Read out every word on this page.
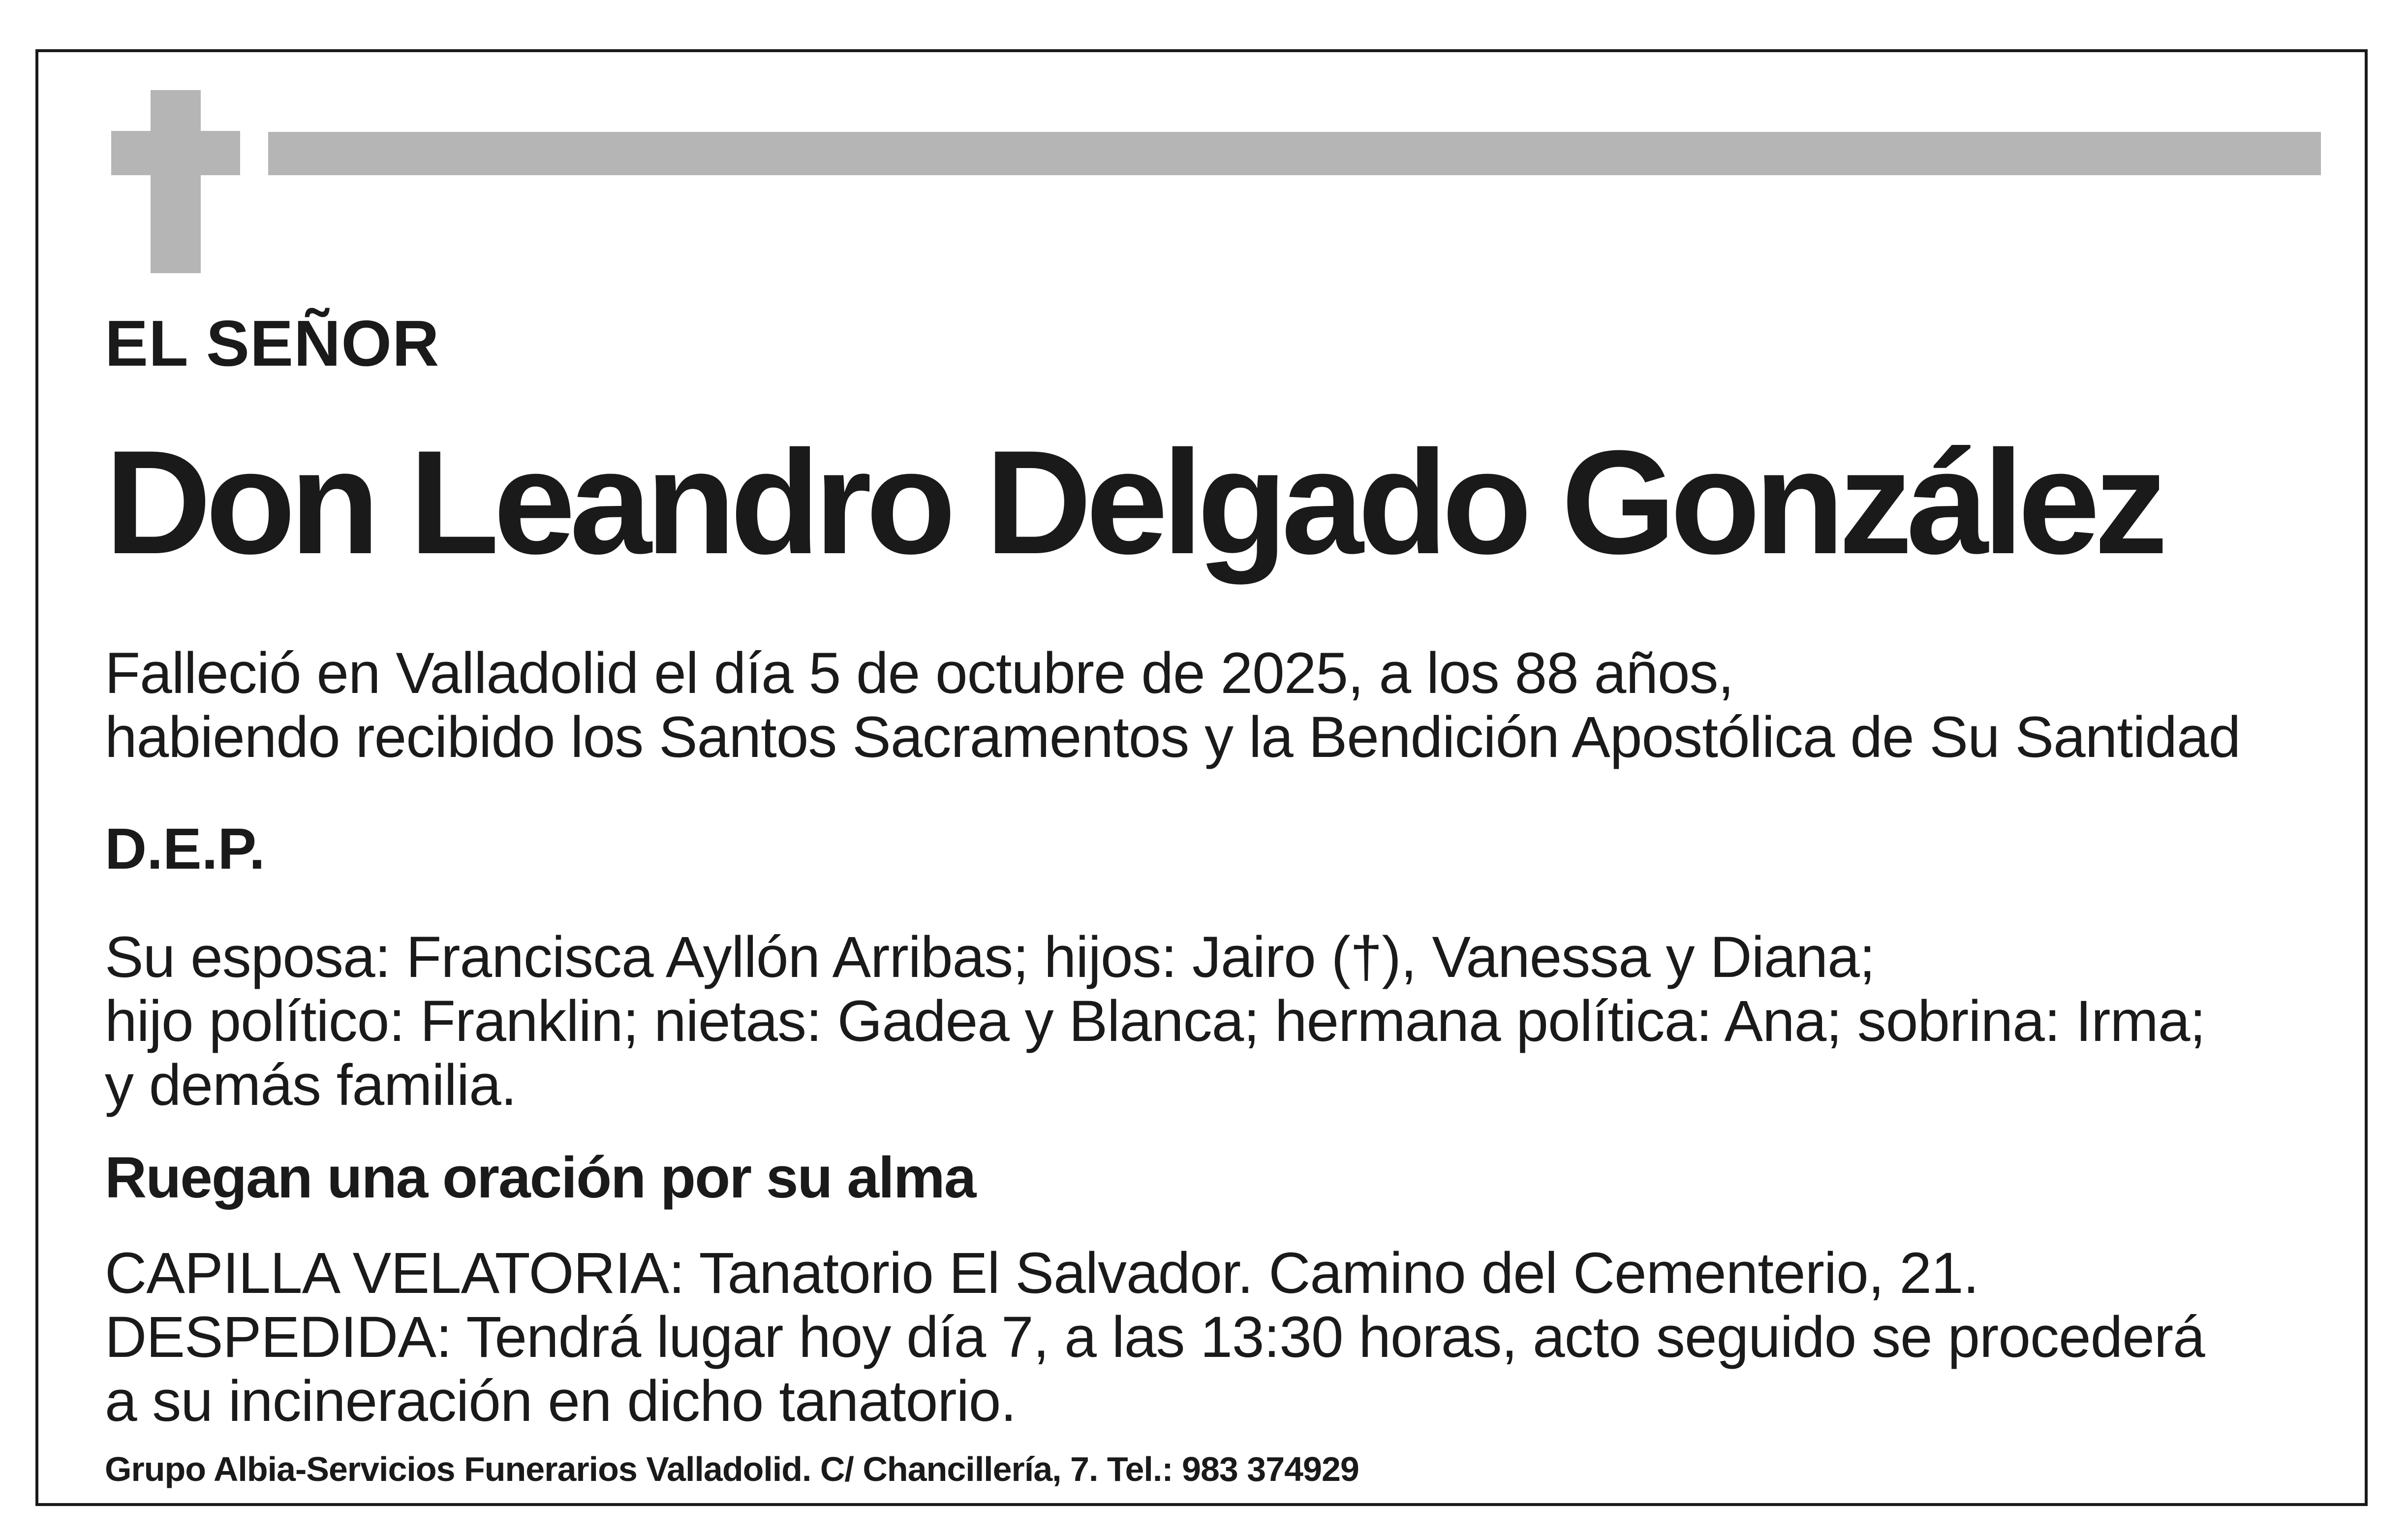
EL SEÑOR

Don Leandro Delgado González

Falleció en Valladolid el día 5 de octubre de 2025, a los 88 años,
habiendo recibido los Santos Sacramentos y la Bendición Apostólica de Su Santidad

D.E.P.

Su esposa: Francisca Ayllón Arribas; hijos: Jairo (†), Vanessa y Diana;
hijo político: Franklin; nietas: Gadea y Blanca; hermana política: Ana; sobrina: Irma;
y demás familia.

Ruegan una oración por su alma

CAPILLA VELATORIA: Tanatorio El Salvador. Camino del Cementerio, 21.
DESPEDIDA: Tendrá lugar hoy día 7, a las 13:30 horas, acto seguido se procederá
a su incineración en dicho tanatorio.

Grupo Albia-Servicios Funerarios Valladolid. C/ Chancillería, 7. Tel.: 983 374929
